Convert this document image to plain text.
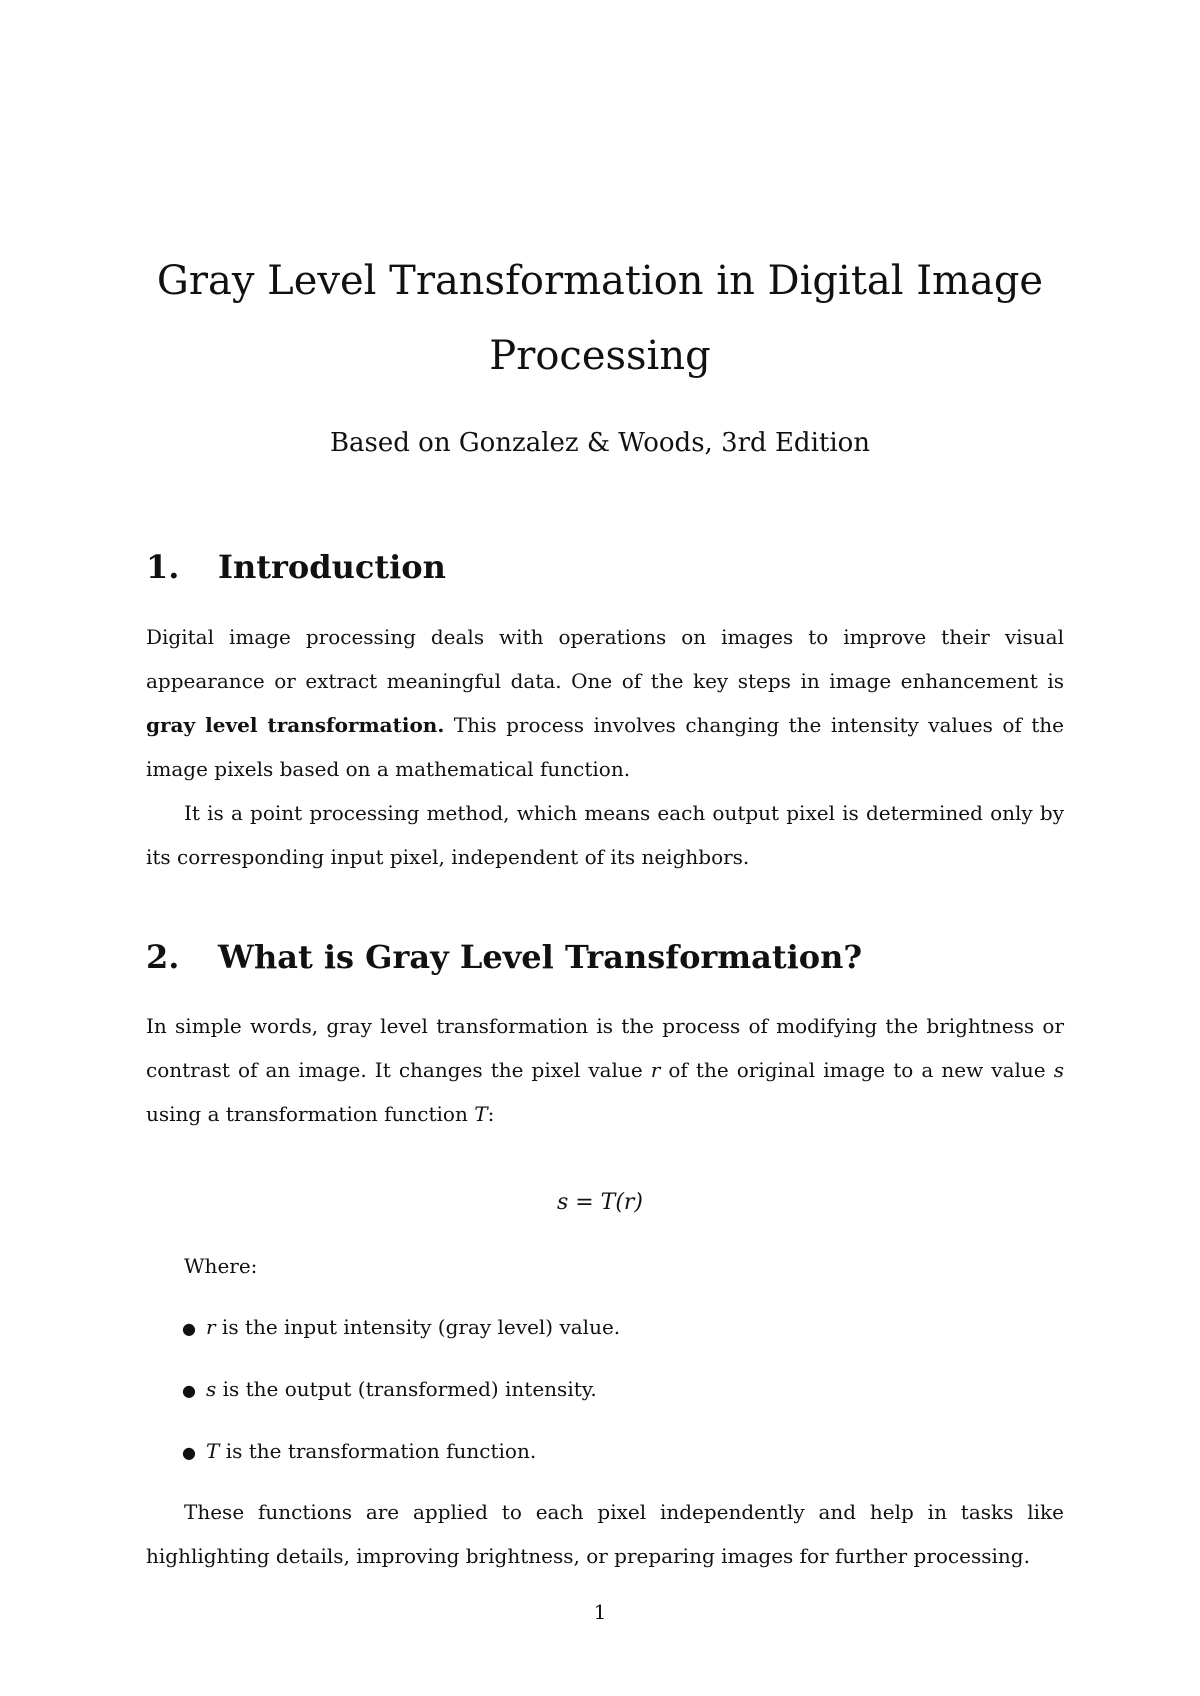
Gray Level Transformation in Digital Image
Processing
Based on Gonzalez & Woods, 3rd Edition
1. Introduction
Digital image processing deals with operations on images to improve their visual appearance or extract meaningful data. One of the key steps in image enhancement is gray level transformation. This process involves changing the intensity values of the image pixels based on a mathematical function.
It is a point processing method, which means each output pixel is determined only by its corresponding input pixel, independent of its neighbors.
2. What is Gray Level Transformation?
In simple words, gray level transformation is the process of modifying the brightness or contrast of an image. It changes the pixel value r of the original image to a new value s using a transformation function T:
s = T(r)
Where:
● r is the input intensity (gray level) value.
● s is the output (transformed) intensity.
● T is the transformation function.
These functions are applied to each pixel independently and help in tasks like highlighting details, improving brightness, or preparing images for further processing.
1
